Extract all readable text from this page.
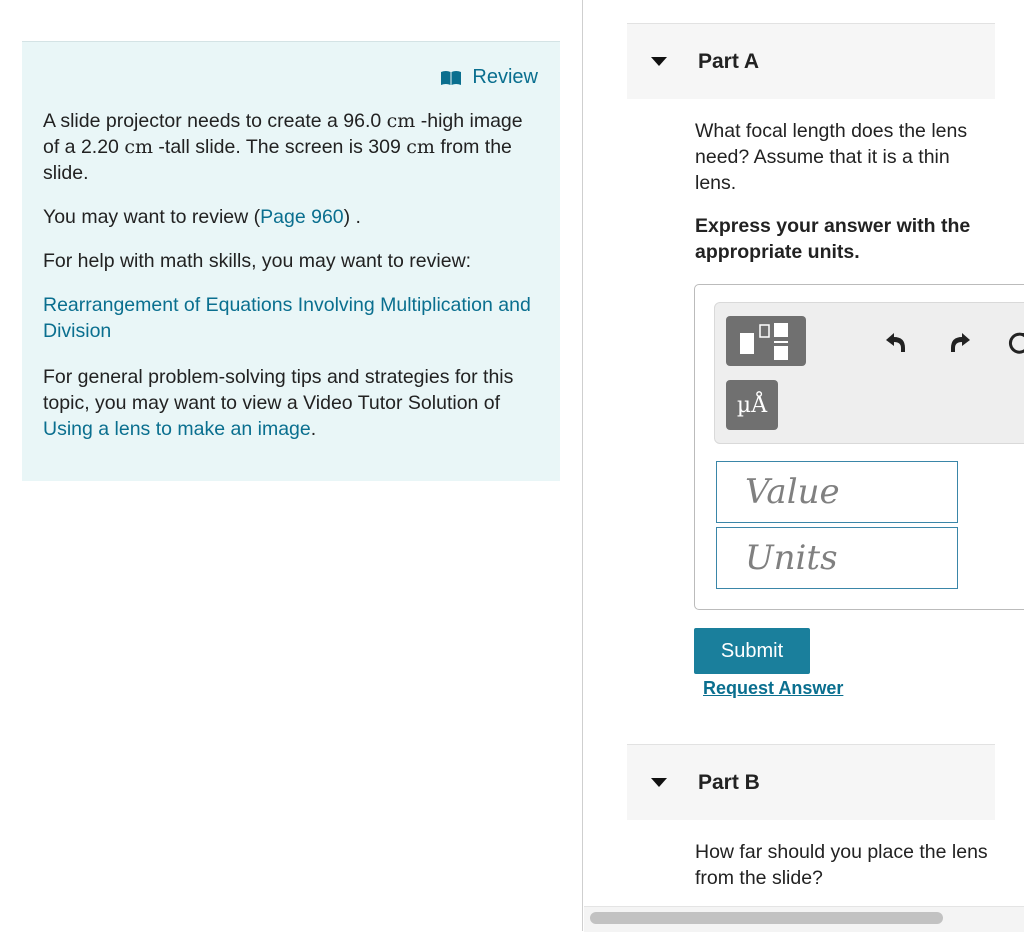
Review

A slide projector needs to create a 96.0 cm -high image of a 2.20 cm -tall slide. The screen is 309 cm from the slide.

You may want to review (Page 960) .

For help with math skills, you may want to review:

Rearrangement of Equations Involving Multiplication and Division

For general problem-solving tips and strategies for this topic, you may want to view a Video Tutor Solution of Using a lens to make an image.

Part A
What focal length does the lens need? Assume that it is a thin lens.
Express your answer with the appropriate units.
µÅ
Value
Units
Submit
Request Answer
Part B
How far should you place the lens from the slide?
